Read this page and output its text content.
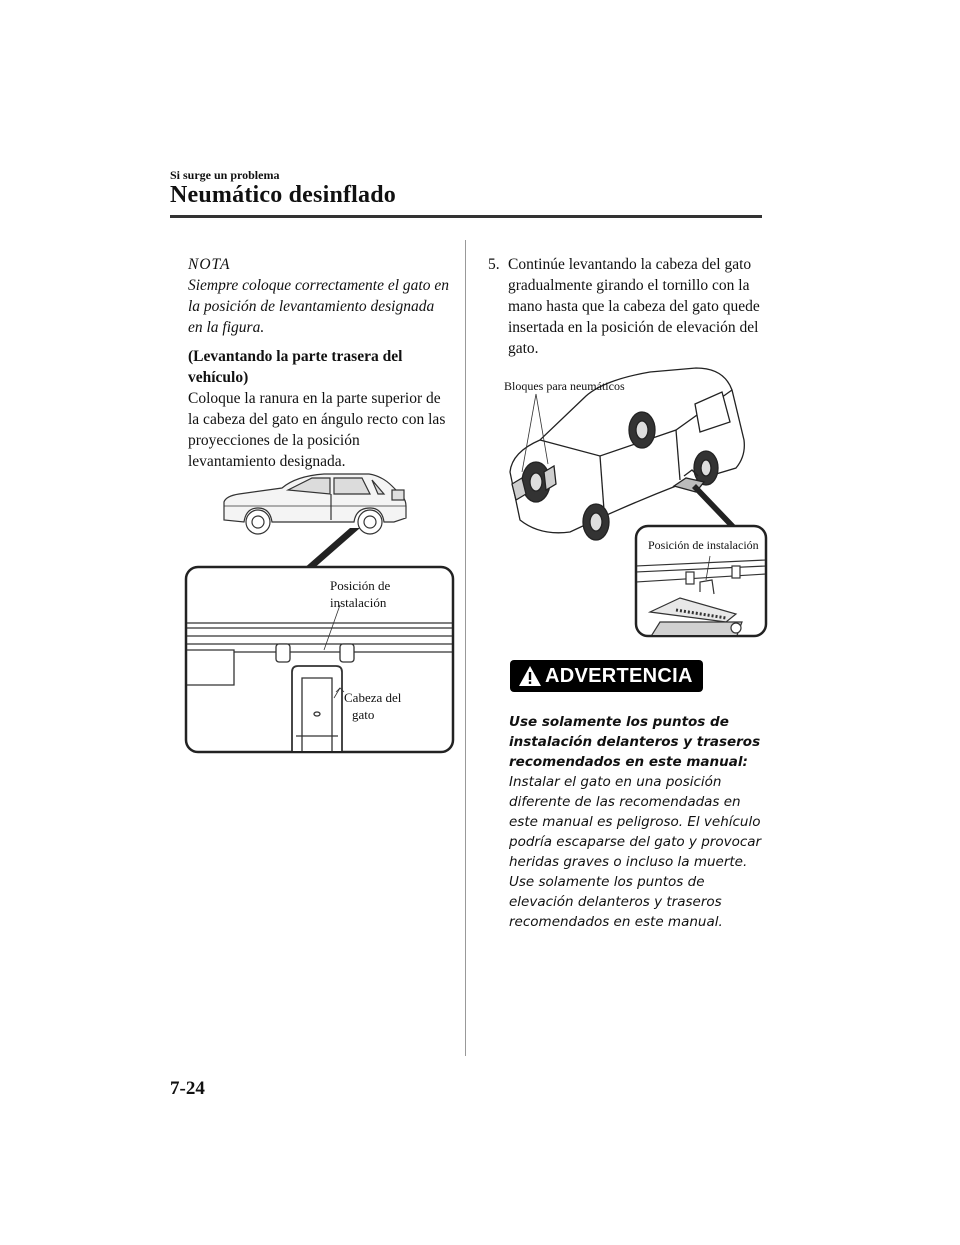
Si surge un problema
Neumático desinflado
NOTA
Siempre coloque correctamente el gato en la posición de levantamiento designada en la figura.
(Levantando la parte trasera del vehículo)
Coloque la ranura en la parte superior de la cabeza del gato en ángulo recto con las proyecciones de la posición levantamiento designada.
Posición de
instalación
Cabeza del
gato
5. Continúe levantando la cabeza del gato gradualmente girando el tornillo con la mano hasta que la cabeza del gato quede insertada en la posición de elevación del gato.
Bloques para neumáticos
Posición de instalación
ADVERTENCIA
Use solamente los puntos de instalación delanteros y traseros recomendados en este manual:
Instalar el gato en una posición diferente de las recomendadas en este manual es peligroso. El vehículo podría escaparse del gato y provocar heridas graves o incluso la muerte. Use solamente los puntos de elevación delanteros y traseros recomendados en este manual.
7-24
